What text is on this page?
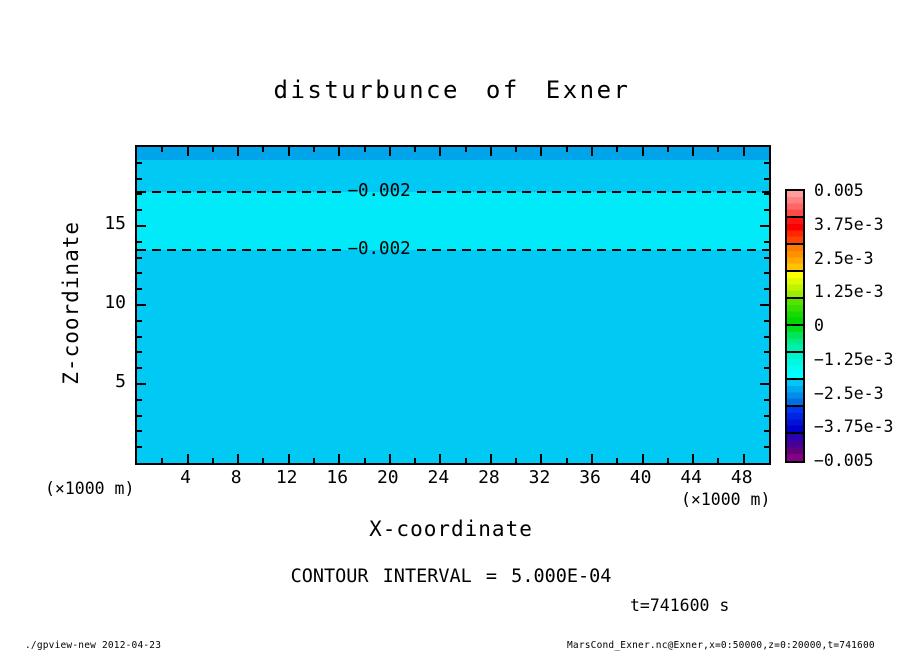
disturbunce of Exner
Z-coordinate
−0.002
−0.002
(×1000 m)
(×1000 m)
X-coordinate
CONTOUR INTERVAL = 5.000E-04
t=741600 s
./gpview-new 2012-04-23	MarsCond_Exner.nc@Exner,x=0:50000,z=0:20000,t=741600
4	8	12	16	20	24	28	32	36	40	44	48
5
10
15
0.005
3.75e-3
2.5e-3
1.25e-3
0
−1.25e-3
−2.5e-3
−3.75e-3
−0.005
